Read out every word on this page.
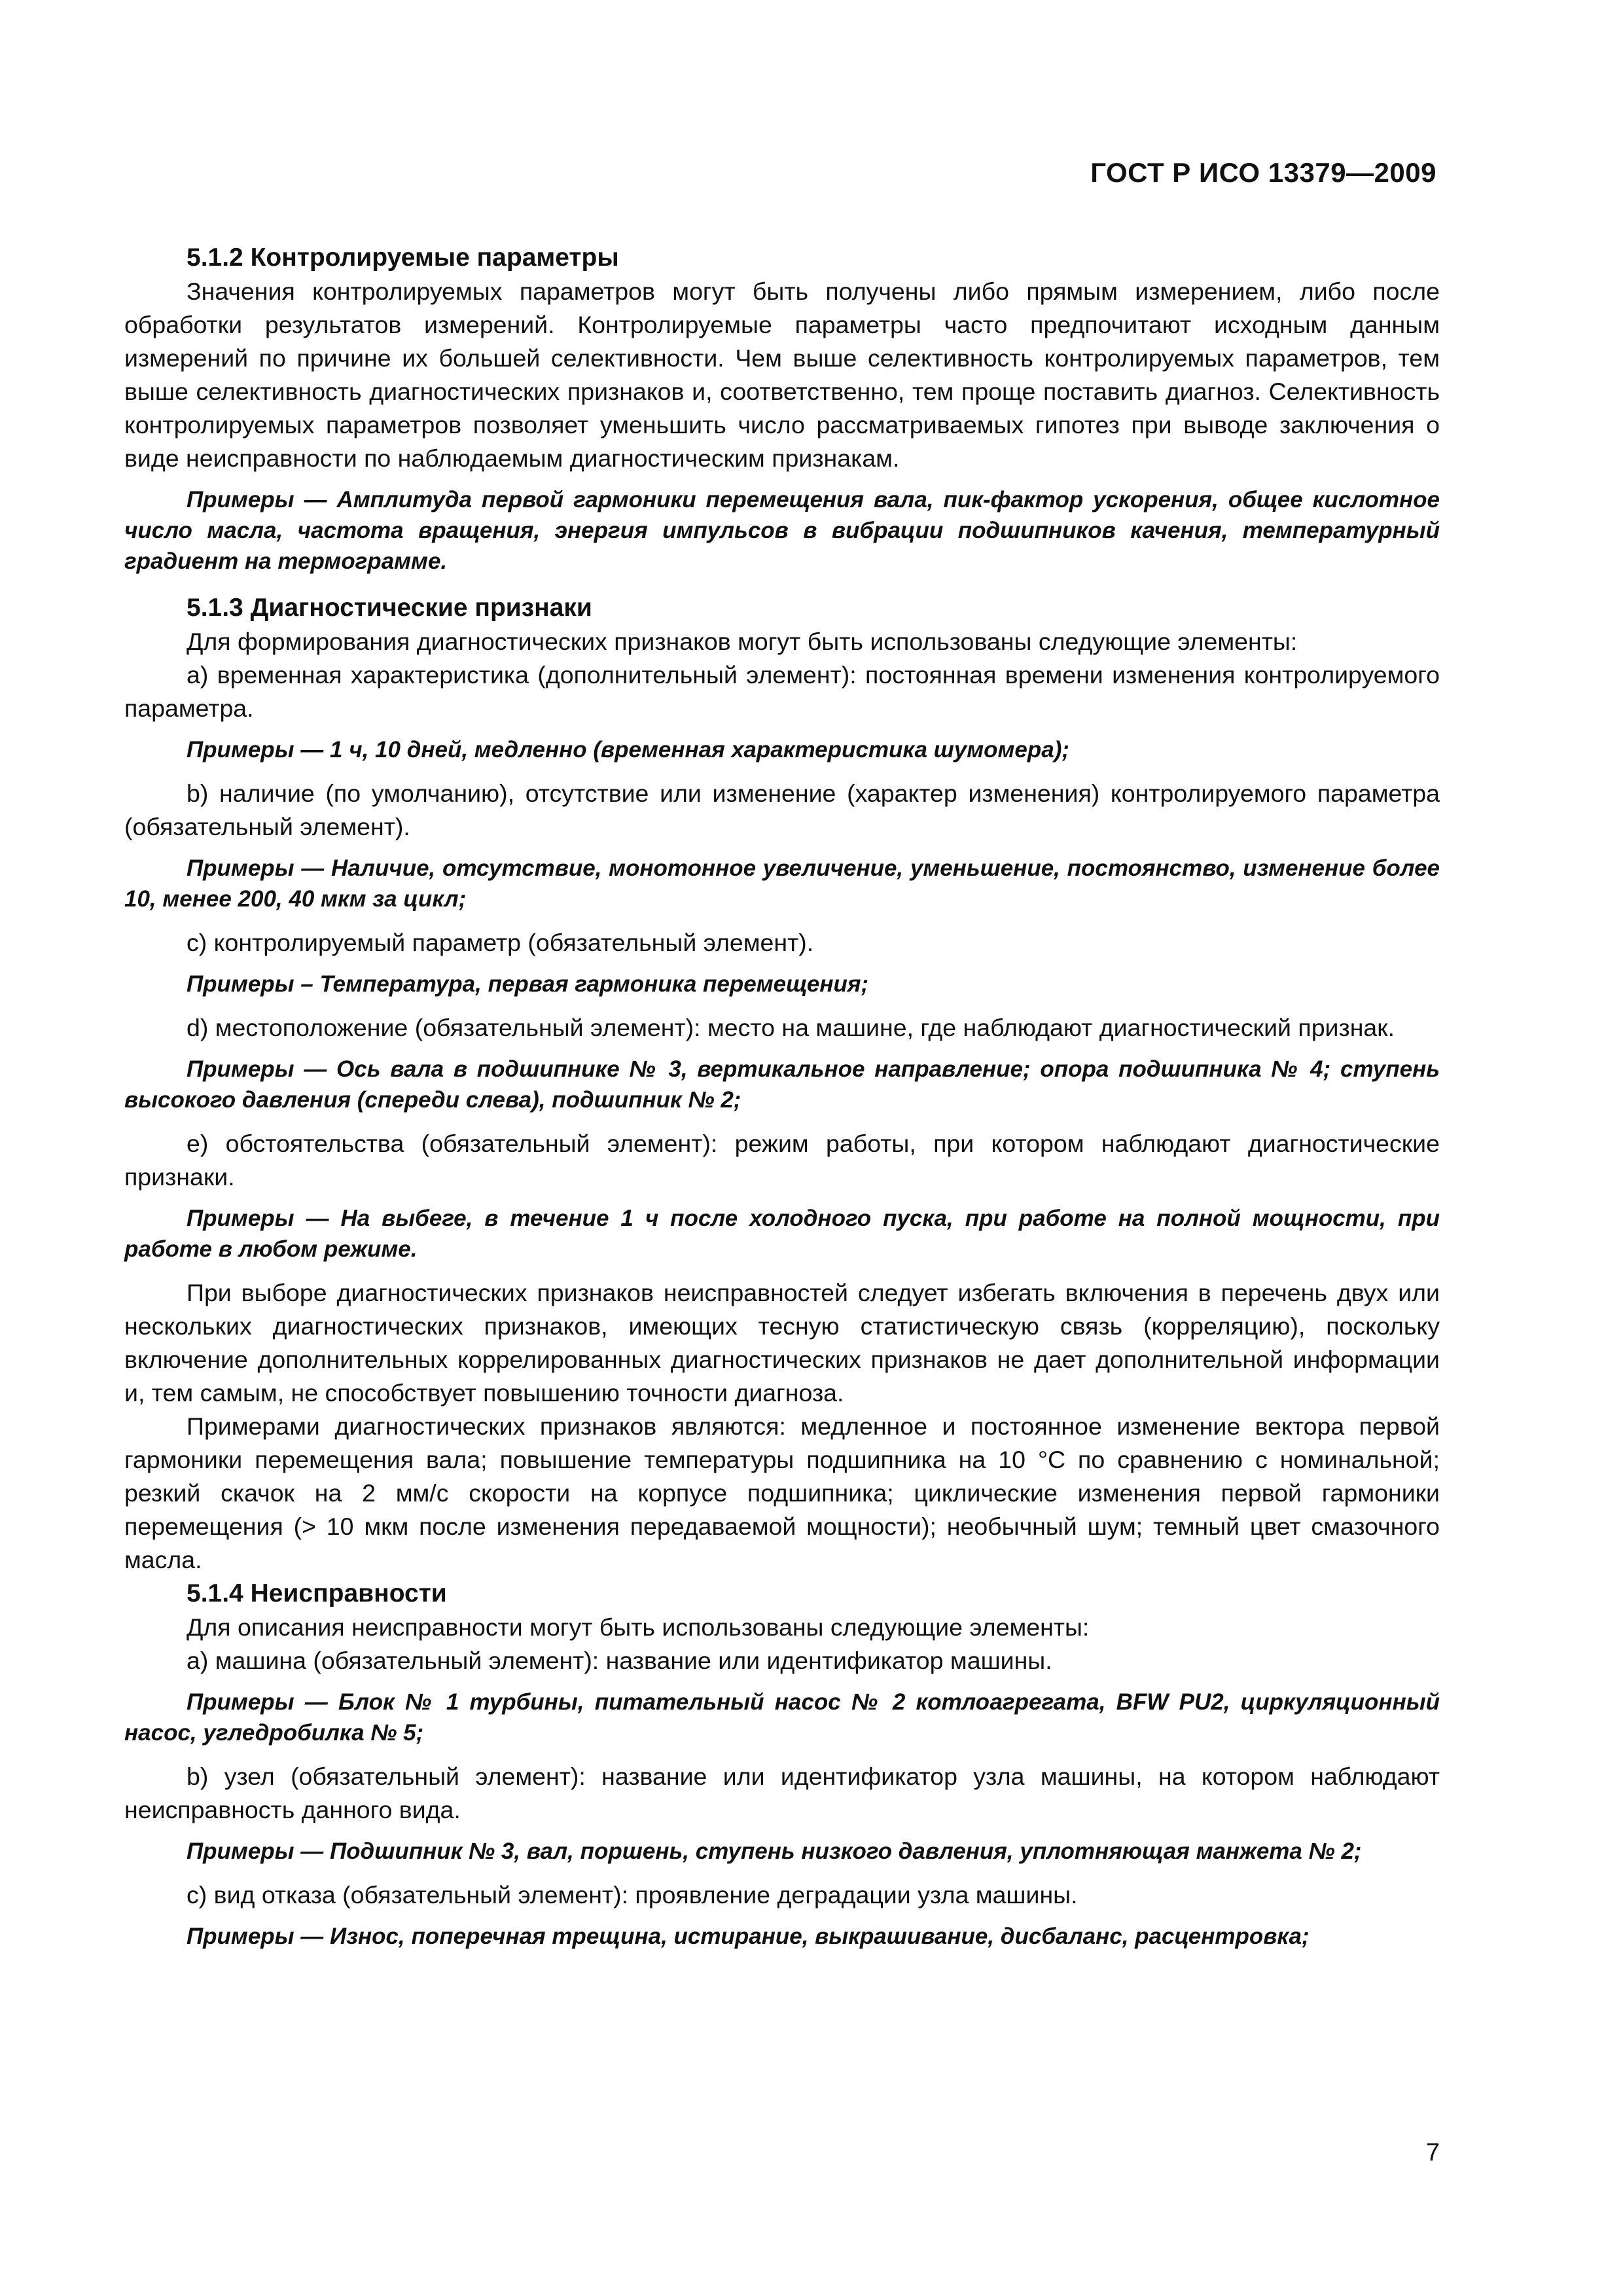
ГОСТ Р ИСО 13379—2009

5.1.2 Контролируемые параметры

Значения контролируемых параметров могут быть получены либо прямым измерением, либо после обработки результатов измерений. Контролируемые параметры часто предпочитают исходным данным измерений по причине их большей селективности. Чем выше селективность контролируемых параметров, тем выше селективность диагностических признаков и, соответственно, тем проще поставить диагноз. Селективность контролируемых параметров позволяет уменьшить число рассматриваемых гипотез при выводе заключения о виде неисправности по наблюдаемым диагностическим признакам.

Примеры — Амплитуда первой гармоники перемещения вала, пик-фактор ускорения, общее кислотное число масла, частота вращения, энергия импульсов в вибрации подшипников качения, температурный градиент на термограмме.

5.1.3 Диагностические признаки

Для формирования диагностических признаков могут быть использованы следующие элементы:

а) временная характеристика (дополнительный элемент): постоянная времени изменения контролируемого параметра.

Примеры — 1 ч, 10 дней, медленно (временная характеристика шумомера);

b) наличие (по умолчанию), отсутствие или изменение (характер изменения) контролируемого параметра (обязательный элемент).

Примеры — Наличие, отсутствие, монотонное увеличение, уменьшение, постоянство, изменение более 10, менее 200, 40 мкм за цикл;

с) контролируемый параметр (обязательный элемент).

Примеры – Температура, первая гармоника перемещения;

d) местоположение (обязательный элемент): место на машине, где наблюдают диагностический признак.

Примеры — Ось вала в подшипнике № 3, вертикальное направление; опора подшипника № 4; ступень высокого давления (спереди слева), подшипник № 2;

е) обстоятельства (обязательный элемент): режим работы, при котором наблюдают диагностические признаки.

Примеры — На выбеге, в течение 1 ч после холодного пуска, при работе на полной мощности, при работе в любом режиме.

При выборе диагностических признаков неисправностей следует избегать включения в перечень двух или нескольких диагностических признаков, имеющих тесную статистическую связь (корреляцию), поскольку включение дополнительных коррелированных диагностических признаков не дает дополнительной информации и, тем самым, не способствует повышению точности диагноза.

Примерами диагностических признаков являются: медленное и постоянное изменение вектора первой гармоники перемещения вала; повышение температуры подшипника на 10 °С по сравнению с номинальной; резкий скачок на 2 мм/с скорости на корпусе подшипника; циклические изменения первой гармоники перемещения (> 10 мкм после изменения передаваемой мощности); необычный шум; темный цвет смазочного масла.

5.1.4 Неисправности

Для описания неисправности могут быть использованы следующие элементы:

а) машина (обязательный элемент): название или идентификатор машины.

Примеры — Блок № 1 турбины, питательный насос № 2 котлоагрегата, BFW PU2, циркуляционный насос, угледробилка № 5;

b) узел (обязательный элемент): название или идентификатор узла машины, на котором наблюдают неисправность данного вида.

Примеры — Подшипник № 3, вал, поршень, ступень низкого давления, уплотняющая манжета № 2;

с) вид отказа (обязательный элемент): проявление деградации узла машины.

Примеры — Износ, поперечная трещина, истирание, выкрашивание, дисбаланс, расцентровка;

7
